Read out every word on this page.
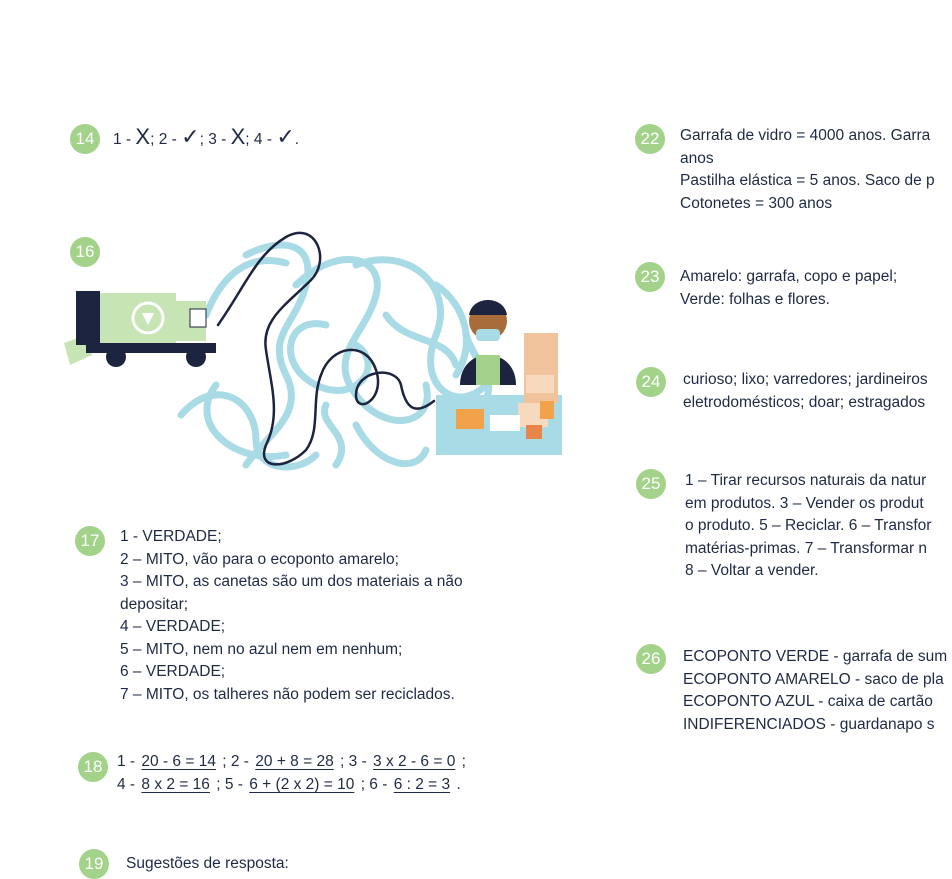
14	1 - X; 2 - ✓; 3 - X; 4 - ✓.
16
17	1 - VERDADE;
2 – MITO, vão para o ecoponto amarelo;
3 – MITO, as canetas são um dos materiais a não
depositar;
4 – VERDADE;
5 – MITO, nem no azul nem em nenhum;
6 – VERDADE;
7 – MITO, os talheres não podem ser reciclados.
18 1 - 20 - 6 = 14 ; 2 - 20 + 8 = 28 ; 3 - 3 x 2 - 6 = 0 ;
4 - 8 x 2 = 16 ; 5 - 6 + (2 x 2) = 10 ; 6 - 6 : 2 = 3 .
19	Sugestões de resposta:
22	Garrafa de vidro = 4000 anos. Garra
anos
Pastilha elástica = 5 anos. Saco de p
Cotonetes = 300 anos
23	Amarelo: garrafa, copo e papel;
Verde: folhas e flores.
24	curioso; lixo; varredores; jardineiros
eletrodomésticos; doar; estragados
25	1 – Tirar recursos naturais da natur
em produtos. 3 – Vender os produt
o produto. 5 – Reciclar. 6 – Transfor
matérias-primas. 7 – Transformar n
8 – Voltar a vender.
26	ECOPONTO VERDE - garrafa de sum
ECOPONTO AMARELO - saco de pla
ECOPONTO AZUL - caixa de cartão
INDIFERENCIADOS - guardanapo s
